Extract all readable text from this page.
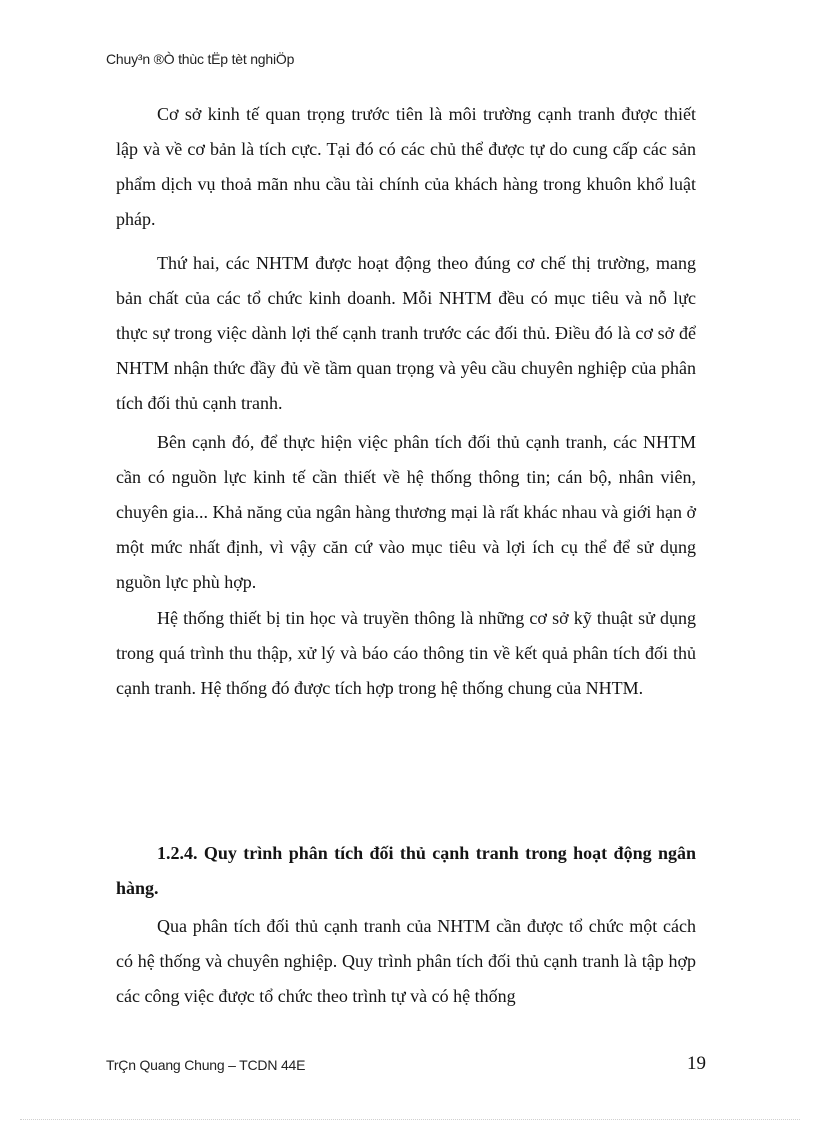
Chuy³n ®Ò thùc tËp tèt nghiÖp

Cơ sở kinh tế quan trọng trước tiên là môi trường cạnh tranh được thiết lập và về cơ bản là tích cực. Tại đó có các chủ thể được tự do cung cấp các sản phẩm dịch vụ thoả mãn nhu cầu tài chính của khách hàng trong khuôn khổ luật pháp.

Thứ hai, các NHTM được hoạt động theo đúng cơ chế thị trường, mang bản chất của các tổ chức kinh doanh. Mỗi NHTM đều có mục tiêu và nỗ lực thực sự trong việc dành lợi thế cạnh tranh trước các đối thủ. Điều đó là cơ sở để NHTM nhận thức đầy đủ về tầm quan trọng và yêu cầu chuyên nghiệp của phân tích đối thủ cạnh tranh.

Bên cạnh đó, để thực hiện việc phân tích đối thủ cạnh tranh, các NHTM cần có nguồn lực kinh tế cần thiết về hệ thống thông tin; cán bộ, nhân viên, chuyên gia... Khả năng của ngân hàng thương mại là rất khác nhau và giới hạn ở một mức nhất định, vì vậy căn cứ vào mục tiêu và lợi ích cụ thể để sử dụng nguồn lực phù hợp.

Hệ thống thiết bị tin học và truyền thông là những cơ sở kỹ thuật sử dụng trong quá trình thu thập, xử lý và báo cáo thông tin về kết quả phân tích đối thủ cạnh tranh. Hệ thống đó được tích hợp trong hệ thống chung của NHTM.

1.2.4. Quy trình phân tích đối thủ cạnh tranh trong hoạt động ngân hàng.

Qua phân tích đối thủ cạnh tranh của NHTM cần được tổ chức một cách có hệ thống và chuyên nghiệp. Quy trình phân tích đối thủ cạnh tranh là tập hợp các công việc được tổ chức theo trình tự và có hệ thống

TrÇn Quang Chung – TCDN 44E	19
